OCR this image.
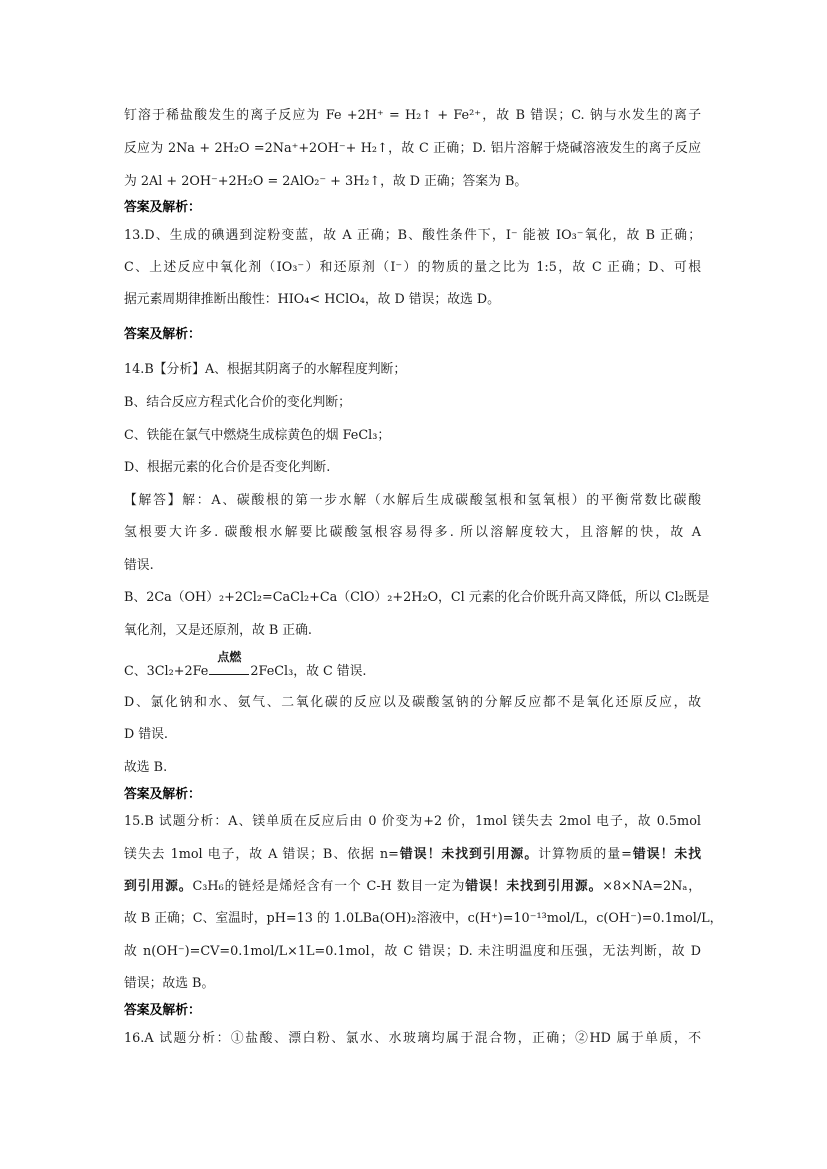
钉溶于稀盐酸发生的离子反应为 Fe +2H⁺ = H₂↑ + Fe²⁺，故 B 错误；C. 钠与水发生的离子
反应为 2Na + 2H₂O =2Na⁺+2OH⁻+ H₂↑，故 C 正确；D. 铝片溶解于烧碱溶液发生的离子反应
为 2Al + 2OH⁻+2H₂O = 2AlO₂⁻ + 3H₂↑，故 D 正确；答案为 B。
答案及解析：
13.D、生成的碘遇到淀粉变蓝，故 A 正确；B、酸性条件下，I⁻ 能被 IO₃⁻氧化，故 B 正确；
C、上述反应中氧化剂（IO₃⁻）和还原剂（I⁻）的物质的量之比为 1:5，故 C 正确；D、可根
据元素周期律推断出酸性：HIO₄< HClO₄，故 D 错误；故选 D。
答案及解析：
14.B【分析】A、根据其阴离子的水解程度判断；
B、结合反应方程式化合价的变化判断；
C、铁能在氯气中燃烧生成棕黄色的烟 FeCl₃；
D、根据元素的化合价是否变化判断.
【解答】解：A、碳酸根的第一步水解（水解后生成碳酸氢根和氢氧根）的平衡常数比碳酸
氢根要大许多. 碳酸根水解要比碳酸氢根容易得多. 所以溶解度较大，且溶解的快，故 A
错误.
B、2Ca（OH）₂+2Cl₂=CaCl₂+Ca（ClO）₂+2H₂O，Cl 元素的化合价既升高又降低，所以 Cl₂既是
氧化剂，又是还原剂，故 B 正确.
C、3Cl₂+2Fe
点燃
2FeCl₃，故 C 错误.
D、氯化钠和水、氨气、二氧化碳的反应以及碳酸氢钠的分解反应都不是氧化还原反应，故
D 错误.
故选 B.
答案及解析：
15.B 试题分析：A、镁单质在反应后由 0 价变为+2 价，1mol 镁失去 2mol 电子，故 0.5mol
镁失去 1mol 电子，故 A 错误；B、依据 n=错误！未找到引用源。计算物质的量=错误！未找
到引用源。C₃H₆的链烃是烯烃含有一个 C-H 数目一定为错误！未找到引用源。×8×NA=2Nₐ，
故 B 正确；C、室温时，pH=13 的 1.0LBa(OH)₂溶液中，c(H⁺)=10⁻¹³mol/L，c(OH⁻)=0.1mol/L，
故 n(OH⁻)=CV=0.1mol/L×1L=0.1mol，故 C 错误；D. 未注明温度和压强，无法判断，故 D
错误；故选 B。
答案及解析：
16.A 试题分析：①盐酸、漂白粉、氯水、水玻璃均属于混合物，正确；②HD 属于单质，不
